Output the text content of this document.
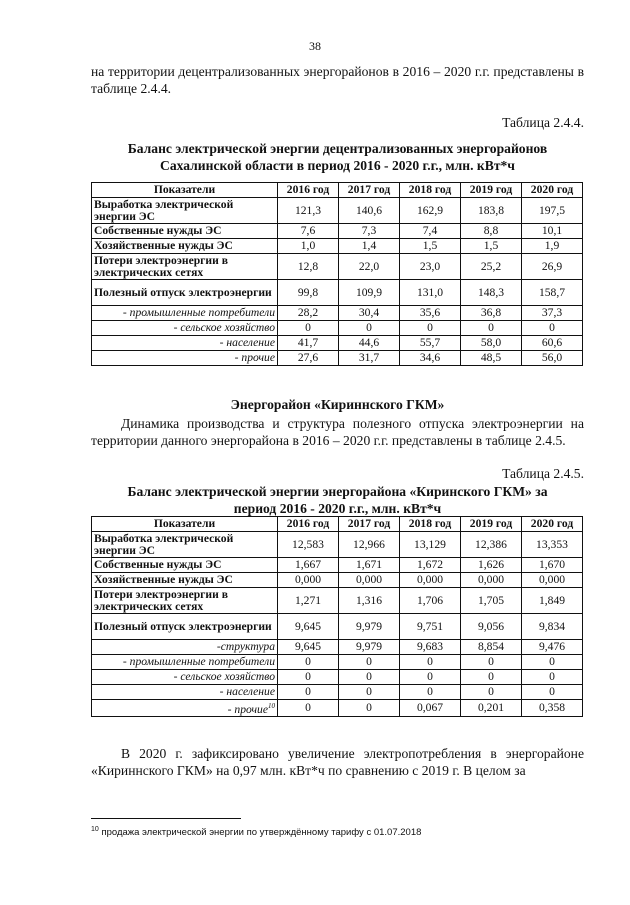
38
на территории децентрализованных энергорайонов в 2016 – 2020 г.г. представлены в таблице 2.4.4.
Таблица 2.4.4.
Баланс электрической энергии децентрализованных энергорайонов
Сахалинской области в период 2016 - 2020 г.г., млн. кВт*ч
Показатели	2016 год	2017 год	2018 год	2019 год	2020 год
Выработка электрической энергии ЭС	121,3	140,6	162,9	183,8	197,5
Собственные нужды ЭС	7,6	7,3	7,4	8,8	10,1
Хозяйственные нужды ЭС	1,0	1,4	1,5	1,5	1,9
Потери электроэнергии в электрических сетях	12,8	22,0	23,0	25,2	26,9
Полезный отпуск электроэнергии	99,8	109,9	131,0	148,3	158,7
- промышленные потребители	28,2	30,4	35,6	36,8	37,3
- сельское хозяйство	0	0	0	0	0
- население	41,7	44,6	55,7	58,0	60,6
- прочие	27,6	31,7	34,6	48,5	56,0
Энергорайон «Кириннского ГКМ»
Динамика производства и структура полезного отпуска электроэнергии на территории данного энергорайона в 2016 – 2020 г.г. представлены в таблице 2.4.5.
Таблица 2.4.5.
Баланс электрической энергии энергорайона «Киринского ГКМ» за
период 2016 - 2020 г.г., млн. кВт*ч
Показатели	2016 год	2017 год	2018 год	2019 год	2020 год
Выработка электрической энергии ЭС	12,583	12,966	13,129	12,386	13,353
Собственные нужды ЭС	1,667	1,671	1,672	1,626	1,670
Хозяйственные нужды ЭС	0,000	0,000	0,000	0,000	0,000
Потери электроэнергии в электрических сетях	1,271	1,316	1,706	1,705	1,849
Полезный отпуск электроэнергии	9,645	9,979	9,751	9,056	9,834
-структура	9,645	9,979	9,683	8,854	9,476
- промышленные потребители	0	0	0	0	0
- сельское хозяйство	0	0	0	0	0
- население	0	0	0	0	0
- прочие$^{10}$	0	0	0,067	0,201	0,358
В 2020 г. зафиксировано увеличение электропотребления в энергорайоне «Кириннского ГКМ» на 0,97 млн. кВт*ч по сравнению с 2019 г. В целом за
$^{10}$ продажа электрической энергии по утверждённому тарифу с 01.07.2018
